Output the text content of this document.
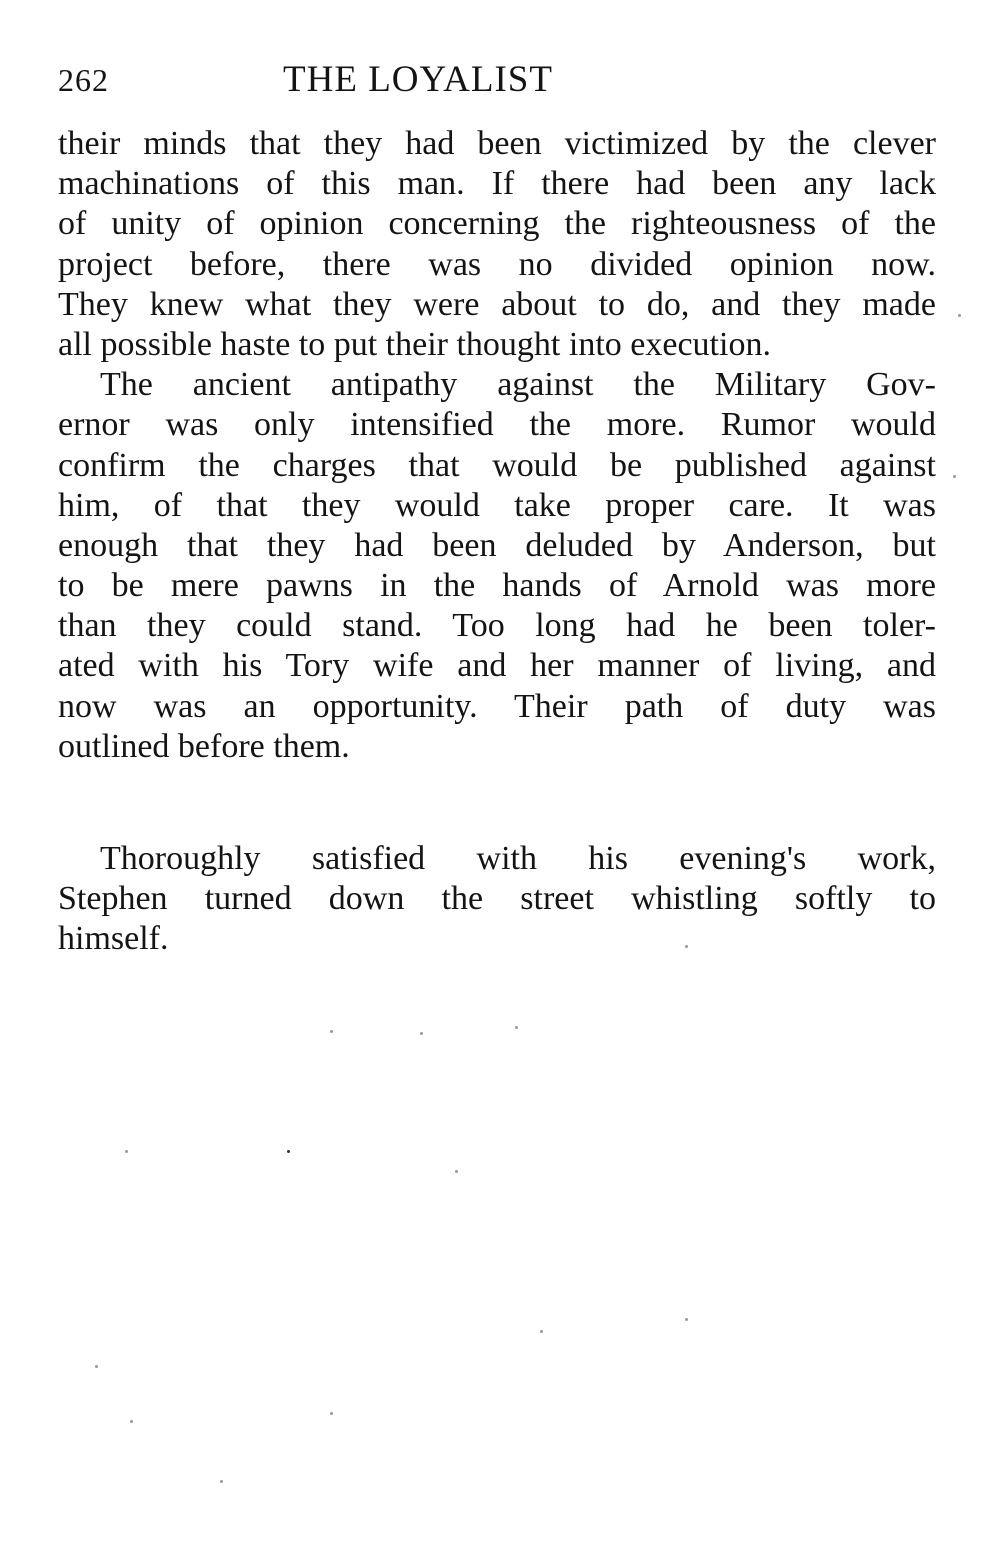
262	THE LOYALIST
their minds that they had been victimized by the clever
machinations of this man. If there had been any lack
of unity of opinion concerning the righteousness of the
project before, there was no divided opinion now.
They knew what they were about to do, and they made
all possible haste to put their thought into execution.
The ancient antipathy against the Military Gov-
ernor was only intensified the more. Rumor would
confirm the charges that would be published against
him, of that they would take proper care. It was
enough that they had been deluded by Anderson, but
to be mere pawns in the hands of Arnold was more
than they could stand. Too long had he been toler-
ated with his Tory wife and her manner of living, and
now was an opportunity. Their path of duty was
outlined before them.
Thoroughly satisfied with his evening's work,
Stephen turned down the street whistling softly to
himself.
